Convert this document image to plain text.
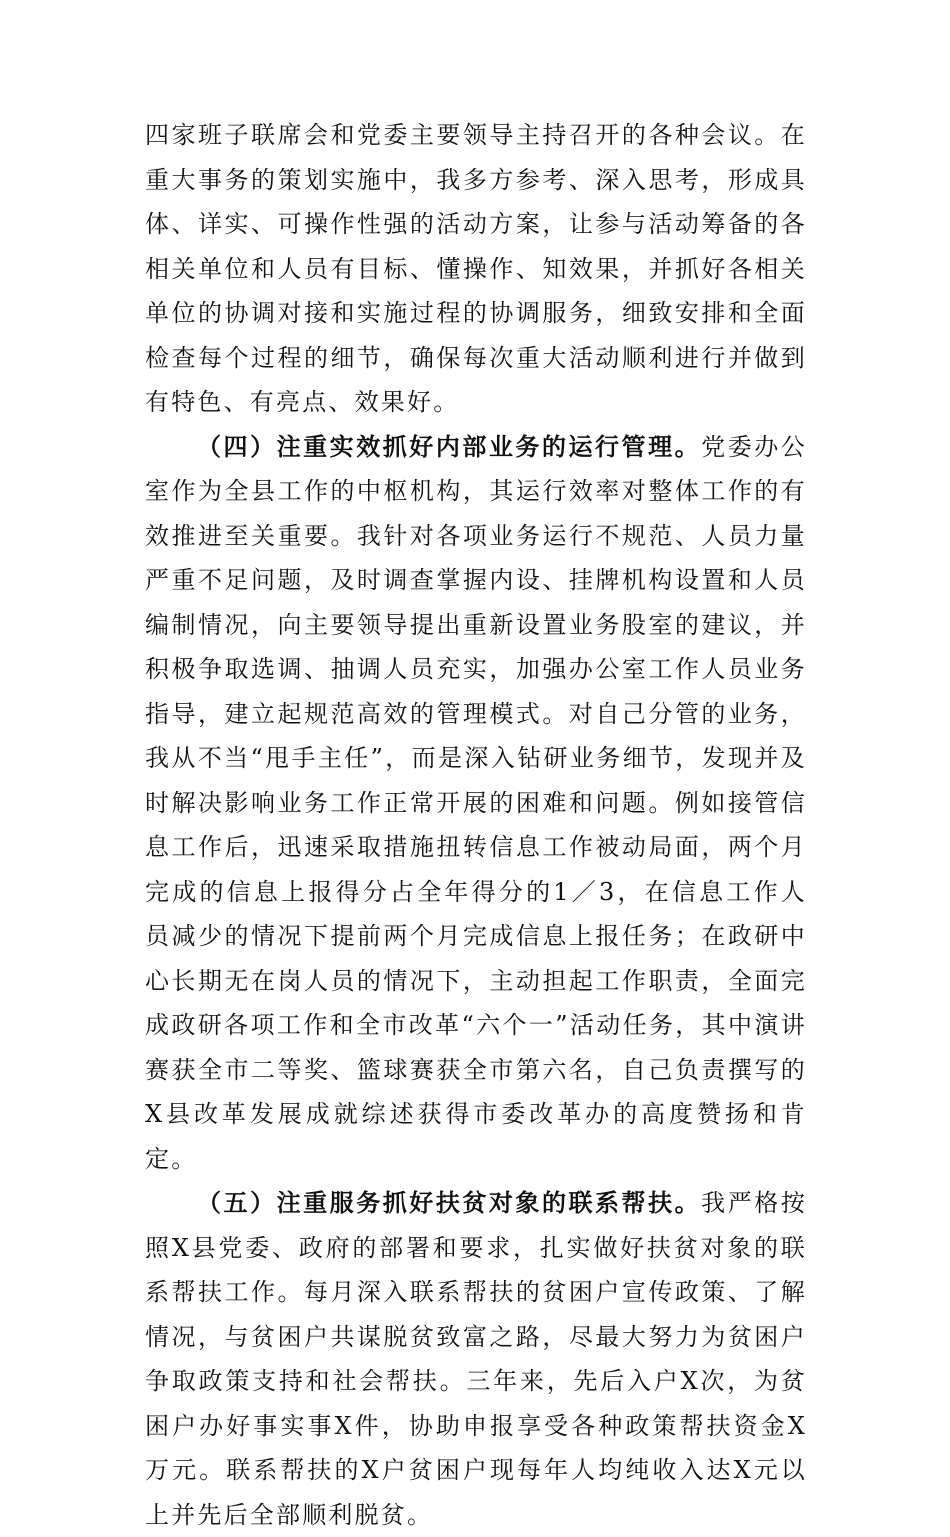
四家班子联席会和党委主要领导主持召开的各种会议。在重大事务的策划实施中，我多方参考、深入思考，形成具体、详实、可操作性强的活动方案，让参与活动筹备的各相关单位和人员有目标、懂操作、知效果，并抓好各相关单位的协调对接和实施过程的协调服务，细致安排和全面检查每个过程的细节，确保每次重大活动顺利进行并做到有特色、有亮点、效果好。

（四）注重实效抓好内部业务的运行管理。党委办公室作为全县工作的中枢机构，其运行效率对整体工作的有效推进至关重要。我针对各项业务运行不规范、人员力量严重不足问题，及时调查掌握内设、挂牌机构设置和人员编制情况，向主要领导提出重新设置业务股室的建议，并积极争取选调、抽调人员充实，加强办公室工作人员业务指导，建立起规范高效的管理模式。对自己分管的业务，我从不当“甩手主任”，而是深入钻研业务细节，发现并及时解决影响业务工作正常开展的困难和问题。例如接管信息工作后，迅速采取措施扭转信息工作被动局面，两个月完成的信息上报得分占全年得分的1／3，在信息工作人员减少的情况下提前两个月完成信息上报任务；在政研中心长期无在岗人员的情况下，主动担起工作职责，全面完成政研各项工作和全市改革“六个一”活动任务，其中演讲赛获全市二等奖、篮球赛获全市第六名，自己负责撰写的X县改革发展成就综述获得市委改革办的高度赞扬和肯定。

（五）注重服务抓好扶贫对象的联系帮扶。我严格按照X县党委、政府的部署和要求，扎实做好扶贫对象的联系帮扶工作。每月深入联系帮扶的贫困户宣传政策、了解情况，与贫困户共谋脱贫致富之路，尽最大努力为贫困户争取政策支持和社会帮扶。三年来，先后入户X次，为贫困户办好事实事X件，协助申报享受各种政策帮扶资金X万元。联系帮扶的X户贫困户现每年人均纯收入达X元以上并先后全部顺利脱贫。
